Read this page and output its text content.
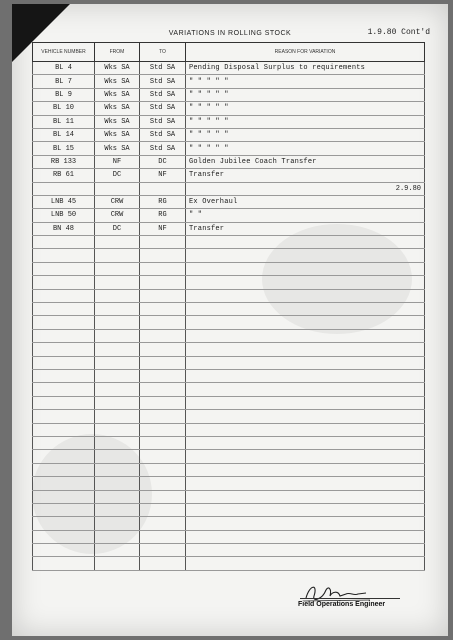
VARIATIONS IN ROLLING STOCK	1.9.80 Cont'd
VEHICLE NUMBER	FROM	TO	REASON FOR VARIATION
BL 4	Wks SA	Std SA	Pending Disposal Surplus to requirements
BL 7	Wks SA	Std SA	" " " " "
BL 9	Wks SA	Std SA	" " " " "
BL 10	Wks SA	Std SA	" " " " "
BL 11	Wks SA	Std SA	" " " " "
BL 14	Wks SA	Std SA	" " " " "
BL 15	Wks SA	Std SA	" " " " "
RB 133	NF	DC	Golden Jubilee Coach Transfer
RB 61	DC	NF	Transfer
			2.9.80
LNB 45	CRW	RG	Ex Overhaul
LNB 50	CRW	RG	" "
BN 48	DC	NF	Transfer

Field Operations Engineer
